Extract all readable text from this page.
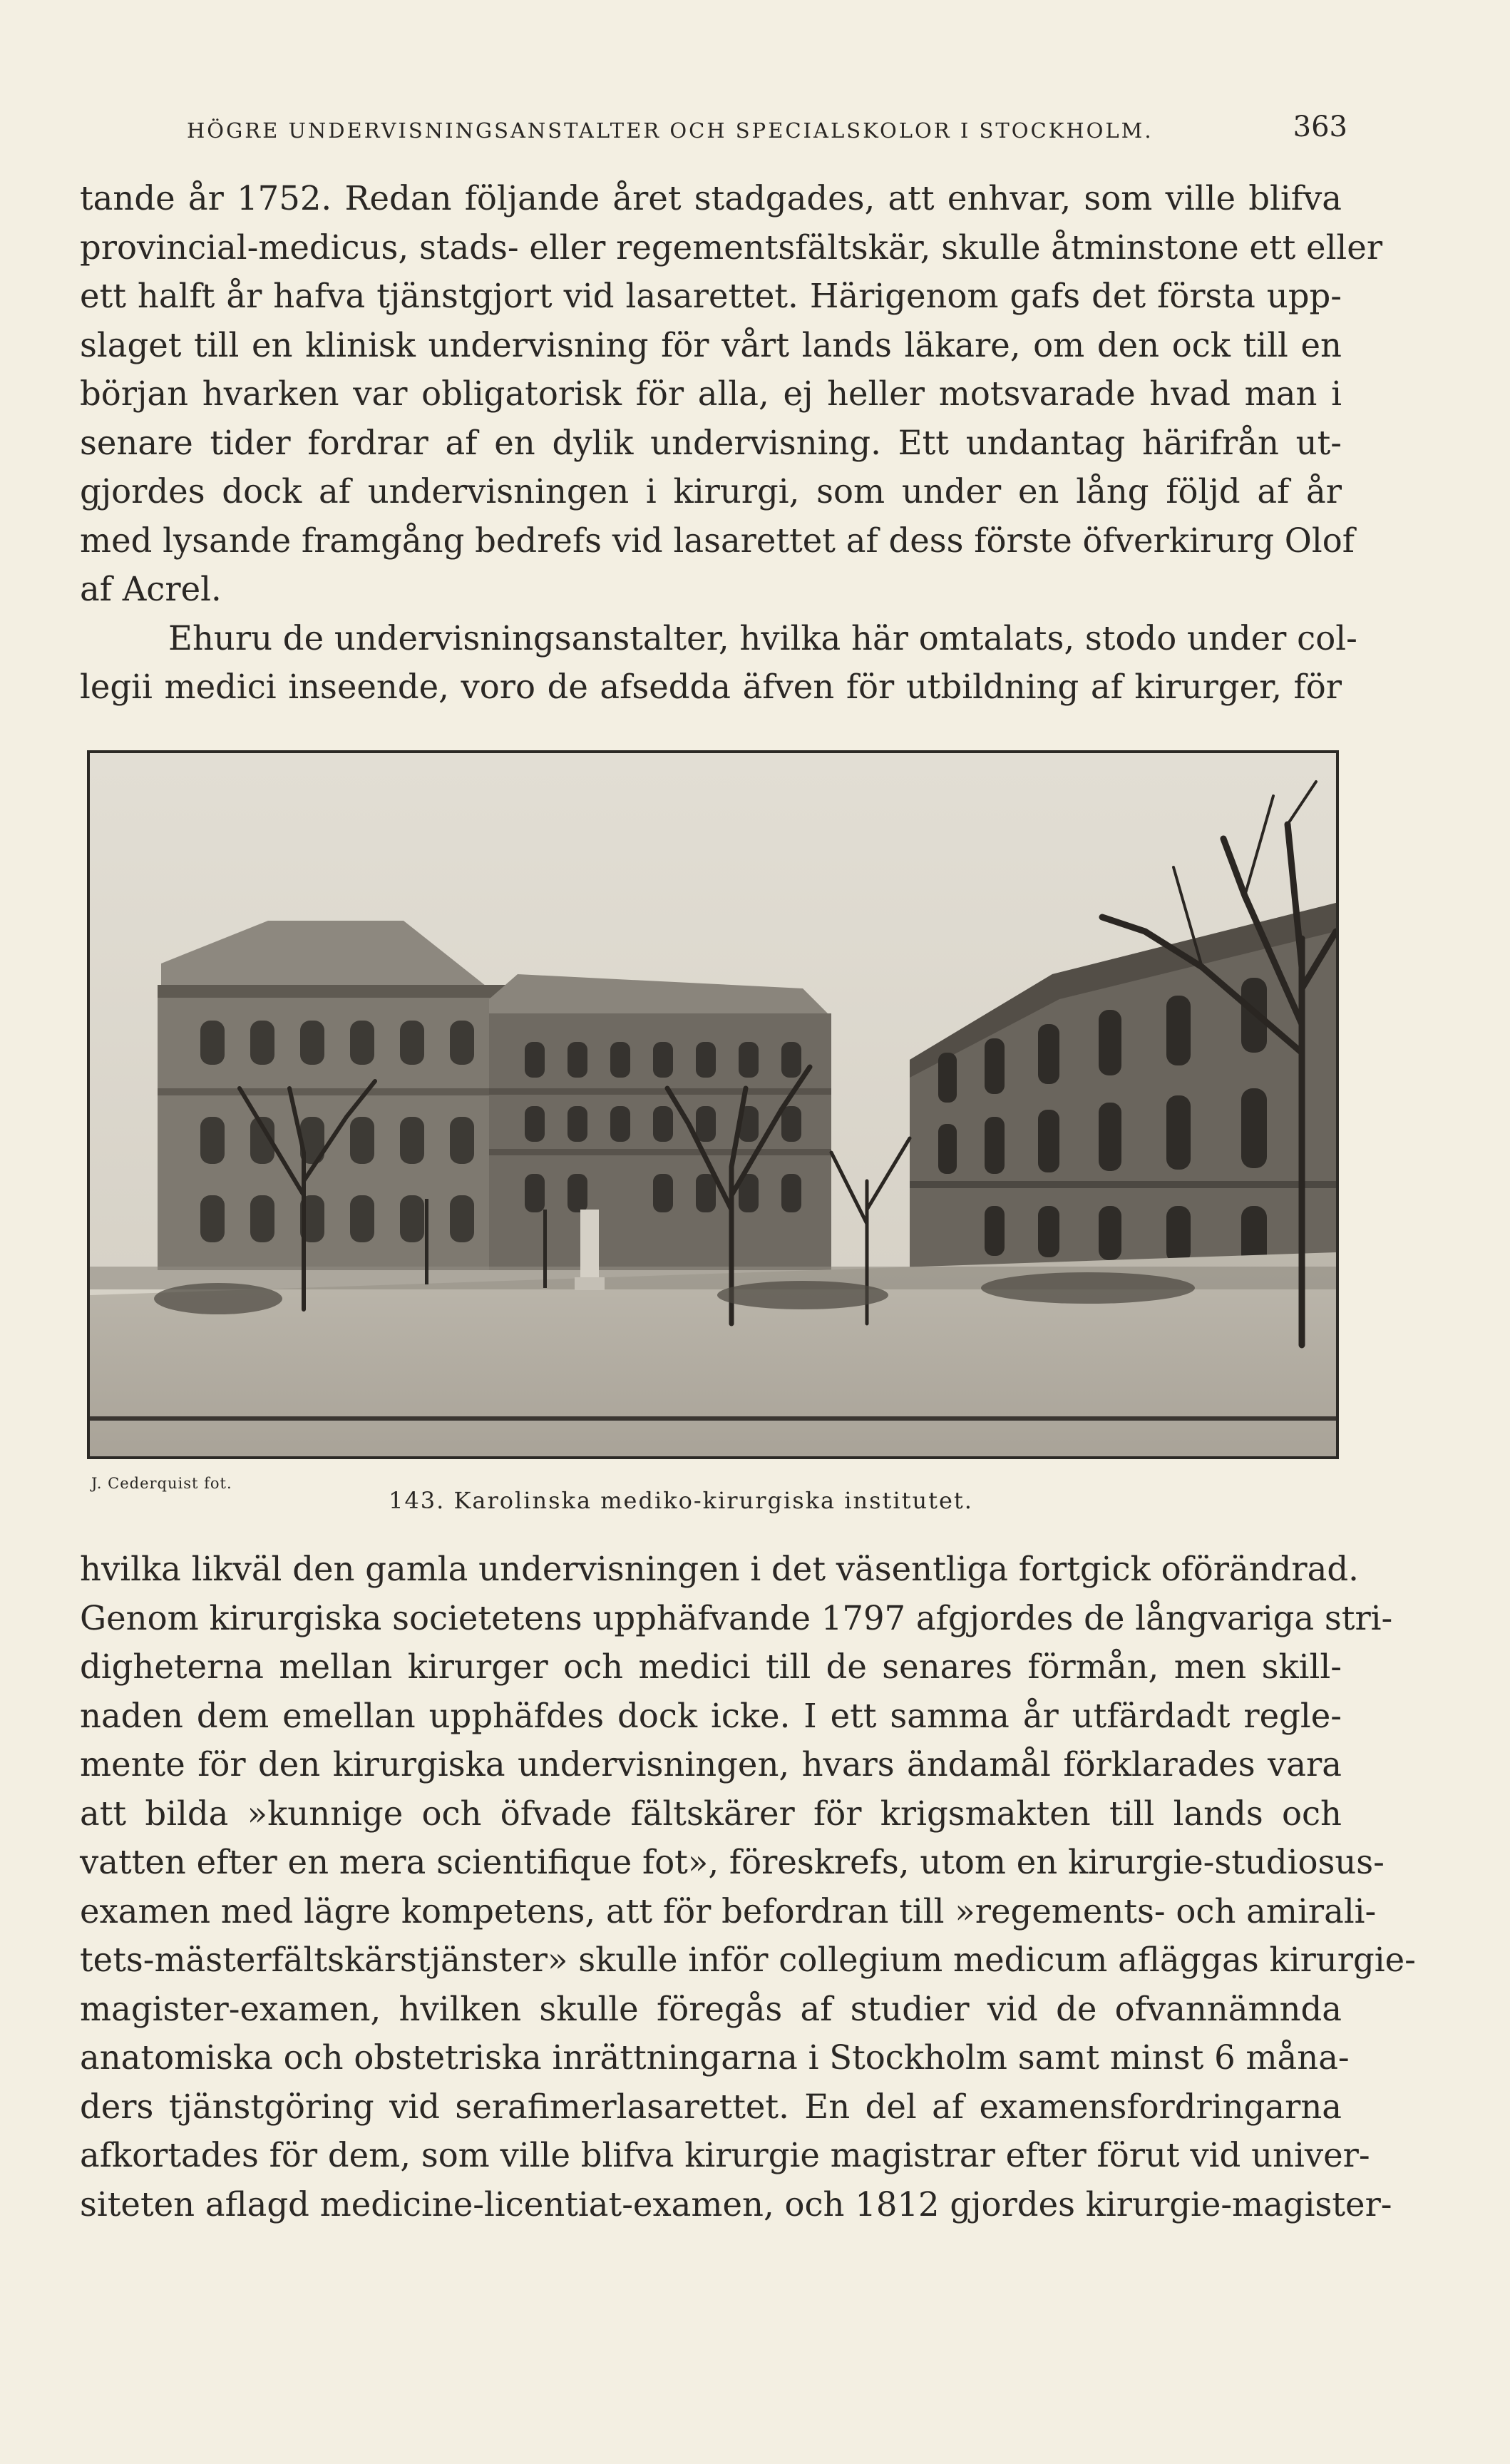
HÖGRE UNDERVISNINGSANSTALTER OCH SPECIALSKOLOR I STOCKHOLM.	363
tande år 1752. Redan följande året stadgades, att enhvar, som ville blifva
provincial-medicus, stads- eller regementsfältskär, skulle åtminstone ett eller
ett halft år hafva tjänstgjort vid lasarettet. Härigenom gafs det första upp-
slaget till en klinisk undervisning för vårt lands läkare, om den ock till en
början hvarken var obligatorisk för alla, ej heller motsvarade hvad man i
senare tider fordrar af en dylik undervisning. Ett undantag härifrån ut-
gjordes dock af undervisningen i kirurgi, som under en lång följd af år
med lysande framgång bedrefs vid lasarettet af dess förste öfverkirurg Olof
af Acrel.
Ehuru de undervisningsanstalter, hvilka här omtalats, stodo under col-
legii medici inseende, voro de afsedda äfven för utbildning af kirurger, för
J. Cederquist fot.
143. Karolinska mediko-kirurgiska institutet.
hvilka likväl den gamla undervisningen i det väsentliga fortgick oförändrad.
Genom kirurgiska societetens upphäfvande 1797 afgjordes de långvariga stri-
digheterna mellan kirurger och medici till de senares förmån, men skill-
naden dem emellan upphäfdes dock icke. I ett samma år utfärdadt regle-
mente för den kirurgiska undervisningen, hvars ändamål förklarades vara
att bilda »kunnige och öfvade fältskärer för krigsmakten till lands och
vatten efter en mera scientifique fot», föreskrefs, utom en kirurgie-studiosus-
examen med lägre kompetens, att för befordran till »regements- och amirali-
tets-mästerfältskärstjänster» skulle inför collegium medicum afläggas kirurgie-
magister-examen, hvilken skulle föregås af studier vid de ofvannämnda
anatomiska och obstetriska inrättningarna i Stockholm samt minst 6 måna-
ders tjänstgöring vid serafimerlasarettet. En del af examensfordringarna
afkortades för dem, som ville blifva kirurgie magistrar efter förut vid univer-
siteten aflagd medicine-licentiat-examen, och 1812 gjordes kirurgie-magister-
